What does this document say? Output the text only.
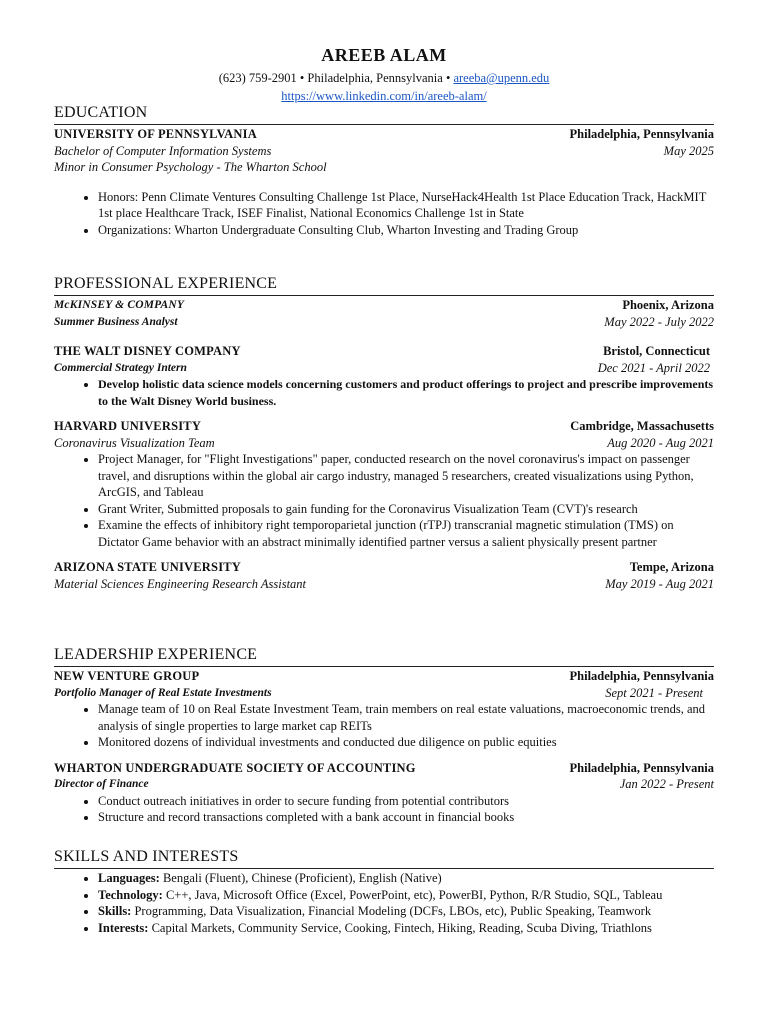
AREEB ALAM
(623) 759-2901 • Philadelphia, Pennsylvania • areeba@upenn.edu
https://www.linkedin.com/in/areeb-alam/
EDUCATION
UNIVERSITY OF PENNSYLVANIA	Philadelphia, Pennsylvania
Bachelor of Computer Information Systems	May 2025
Minor in Consumer Psychology - The Wharton School
• Honors: Penn Climate Ventures Consulting Challenge 1st Place, NurseHack4Health 1st Place Education Track, HackMIT 1st place Healthcare Track, ISEF Finalist, National Economics Challenge 1st in State
• Organizations: Wharton Undergraduate Consulting Club, Wharton Investing and Trading Group
PROFESSIONAL EXPERIENCE
McKINSEY & COMPANY	Phoenix, Arizona
Summer Business Analyst	May 2022 - July 2022
THE WALT DISNEY COMPANY	Bristol, Connecticut
Commercial Strategy Intern	Dec 2021 - April 2022
• Develop holistic data science models concerning customers and product offerings to project and prescribe improvements to the Walt Disney World business.
HARVARD UNIVERSITY	Cambridge, Massachusetts
Coronavirus Visualization Team	Aug 2020 - Aug 2021
• Project Manager, for "Flight Investigations" paper, conducted research on the novel coronavirus's impact on passenger travel, and disruptions within the global air cargo industry, managed 5 researchers, created visualizations using Python, ArcGIS, and Tableau
• Grant Writer, Submitted proposals to gain funding for the Coronavirus Visualization Team (CVT)'s research
• Examine the effects of inhibitory right temporoparietal junction (rTPJ) transcranial magnetic stimulation (TMS) on Dictator Game behavior with an abstract minimally identified partner versus a salient physically present partner
ARIZONA STATE UNIVERSITY	Tempe, Arizona
Material Sciences Engineering Research Assistant	May 2019 - Aug 2021
LEADERSHIP EXPERIENCE
NEW VENTURE GROUP	Philadelphia, Pennsylvania
Portfolio Manager of Real Estate Investments	Sept 2021 - Present
• Manage team of 10 on Real Estate Investment Team, train members on real estate valuations, macroeconomic trends, and analysis of single properties to large market cap REITs
• Monitored dozens of individual investments and conducted due diligence on public equities
WHARTON UNDERGRADUATE SOCIETY OF ACCOUNTING	Philadelphia, Pennsylvania
Director of Finance	Jan 2022 - Present
• Conduct outreach initiatives in order to secure funding from potential contributors
• Structure and record transactions completed with a bank account in financial books
SKILLS AND INTERESTS
• Languages: Bengali (Fluent), Chinese (Proficient), English (Native)
• Technology: C++, Java, Microsoft Office (Excel, PowerPoint, etc), PowerBI, Python, R/R Studio, SQL, Tableau
• Skills: Programming, Data Visualization, Financial Modeling (DCFs, LBOs, etc), Public Speaking, Teamwork
• Interests: Capital Markets, Community Service, Cooking, Fintech, Hiking, Reading, Scuba Diving, Triathlons
